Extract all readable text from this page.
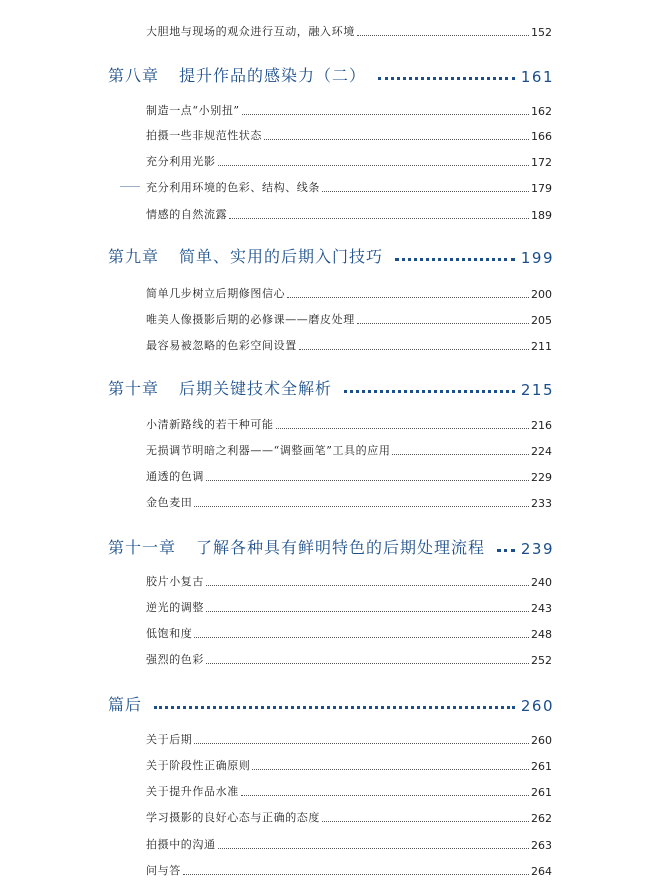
大胆地与现场的观众进行互动，融入环境	152
第八章 提升作品的感染力（二）	161
制造一点“小别扭”	162
拍摄一些非规范性状态	166
充分利用光影	172
充分利用环境的色彩、结构、线条	179
情感的自然流露	189
第九章 简单、实用的后期入门技巧	199
简单几步树立后期修图信心	200
唯美人像摄影后期的必修课——磨皮处理	205
最容易被忽略的色彩空间设置	211
第十章 后期关键技术全解析	215
小清新路线的若干种可能	216
无损调节明暗之利器——“调整画笔”工具的应用	224
通透的色调	229
金色麦田	233
第十一章 了解各种具有鲜明特色的后期处理流程 239
胶片小复古	240
逆光的调整	243
低饱和度	248
强烈的色彩	252
篇后	260
关于后期	260
关于阶段性正确原则	261
关于提升作品水准	261
学习摄影的良好心态与正确的态度	262
拍摄中的沟通	263
问与答	264
